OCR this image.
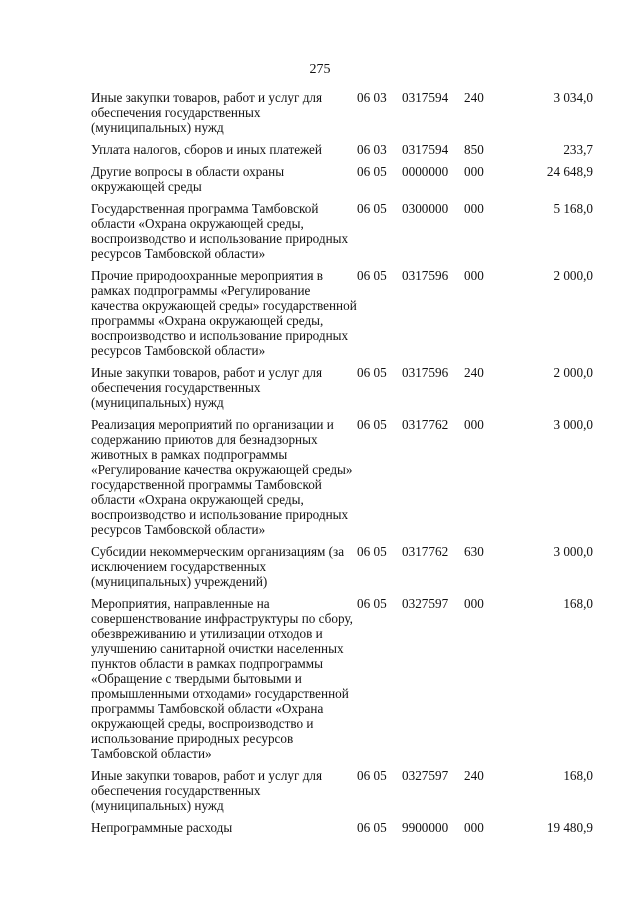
275
Иные закупки товаров, работ и услуг для обеспечения государственных (муниципальных) нужд	06 03	0317594	240	3 034,0
Уплата налогов, сборов и иных платежей	06 03	0317594	850	233,7
Другие вопросы в области охраны окружающей среды	06 05	0000000	000	24 648,9
Государственная программа Тамбовской области «Охрана окружающей среды, воспроизводство и использование природных ресурсов Тамбовской области»	06 05	0300000	000	5 168,0
Прочие природоохранные мероприятия в рамках подпрограммы «Регулирование качества окружающей среды» государственной программы «Охрана окружающей среды, воспроизводство и использование природных ресурсов Тамбовской области»	06 05	0317596	000	2 000,0
Иные закупки товаров, работ и услуг для обеспечения государственных (муниципальных) нужд	06 05	0317596	240	2 000,0
Реализация мероприятий по организации и содержанию приютов для безнадзорных животных в рамках подпрограммы «Регулирование качества окружающей среды» государственной программы Тамбовской области «Охрана окружающей среды, воспроизводство и использование природных ресурсов Тамбовской области»	06 05	0317762	000	3 000,0
Субсидии некоммерческим организациям (за исключением государственных (муниципальных) учреждений)	06 05	0317762	630	3 000,0
Мероприятия, направленные на совершенствование инфраструктуры по сбору, обезвреживанию и утилизации отходов и улучшению санитарной очистки населенных пунктов области в рамках подпрограммы «Обращение с твердыми бытовыми и промышленными отходами» государственной программы Тамбовской области «Охрана окружающей среды, воспроизводство и использование природных ресурсов Тамбовской области»	06 05	0327597	000	168,0
Иные закупки товаров, работ и услуг для обеспечения государственных (муниципальных) нужд	06 05	0327597	240	168,0
Непрограммные расходы	06 05	9900000	000	19 480,9
